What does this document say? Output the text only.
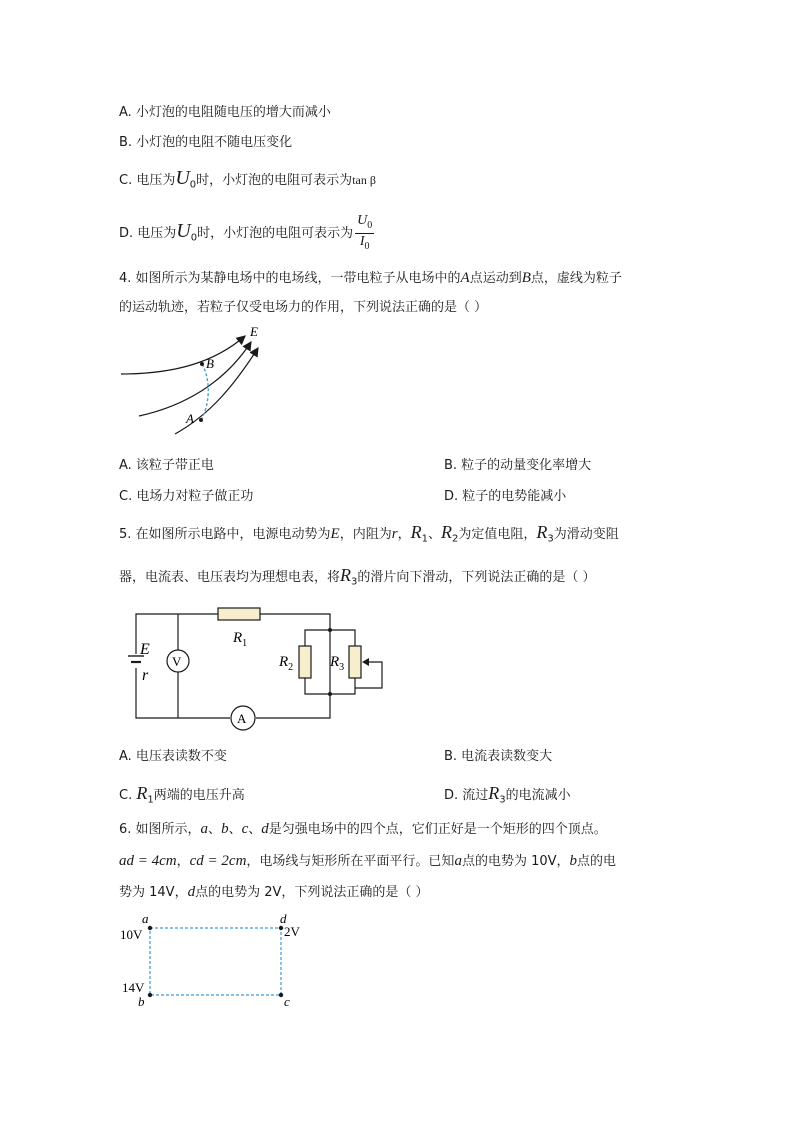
A. 小灯泡的电阻随电压的增大而减小
B. 小灯泡的电阻不随电压变化
C. 电压为$U_0$时，小灯泡的电阻可表示为tan β
D. 电压为$U_0$时，小灯泡的电阻可表示为 $\frac{U_0}{I_0}$
4. 如图所示为某静电场中的电场线，一带电粒子从电场中的A点运动到B点，虚线为粒子
的运动轨迹，若粒子仅受电场力的作用，下列说法正确的是（ ）
E
B
A
A. 该粒子带正电	B. 粒子的动量变化率增大
C. 电场力对粒子做正功	D. 粒子的电势能减小
5. 在如图所示电路中，电源电动势为E，内阻为r，$R_1$、$R_2$为定值电阻，$R_3$为滑动变阻
器，电流表、电压表均为理想电表，将$R_3$的滑片向下滑动，下列说法正确的是（ ）
E
r
V
A
$R_1$
$R_2$ $R_3$
A. 电压表读数不变	B. 电流表读数变大
C. $R_1$两端的电压升高	D. 流过$R_3$的电流减小
6. 如图所示，a、b、c、d是匀强电场中的四个点，它们正好是一个矩形的四个顶点。
ad = 4cm，cd = 2cm，电场线与矩形所在平面平行。已知a点的电势为 10V，b点的电
势为 14V，d点的电势为 2V，下列说法正确的是（ ）
a	d
b	c
10V	2V
14V
